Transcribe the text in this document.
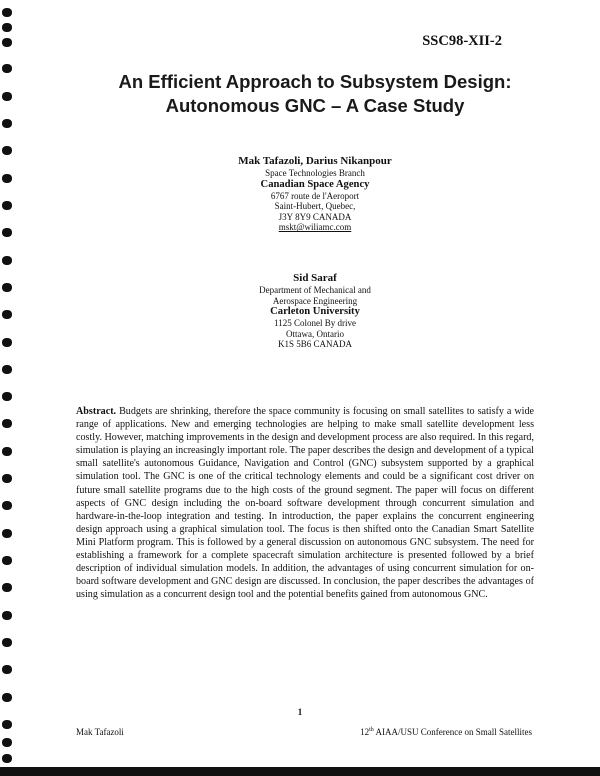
SSC98-XII-2
An Efficient Approach to Subsystem Design:
Autonomous GNC – A Case Study
Mak Tafazoli, Darius Nikanpour
Space Technologies Branch
Canadian Space Agency
6767 route de l'Aeroport
Saint-Hubert, Quebec,
J3Y 8Y9 CANADA
mskt@wiliamc.com
Sid Saraf
Department of Mechanical and
Aerospace Engineering
Carleton University
1125 Colonel By drive
Ottawa, Ontario
K1S 5B6 CANADA
Abstract. Budgets are shrinking, therefore the space community is focusing on small satellites to satisfy a wide range of applications. New and emerging technologies are helping to make small satellite development less costly. However, matching improvements in the design and development process are also required. In this regard, simulation is playing an increasingly important role. The paper describes the design and development of a typical small satellite's autonomous Guidance, Navigation and Control (GNC) subsystem supported by a graphical simulation tool. The GNC is one of the critical technology elements and could be a significant cost driver on future small satellite programs due to the high costs of the ground segment. The paper will focus on different aspects of GNC design including the on-board software development through concurrent simulation and hardware-in-the-loop integration and testing. In introduction, the paper explains the concurrent engineering design approach using a graphical simulation tool. The focus is then shifted onto the Canadian Smart Satellite Mini Platform program. This is followed by a general discussion on autonomous GNC subsystem. The need for establishing a framework for a complete spacecraft simulation architecture is presented followed by a brief description of individual simulation models. In addition, the advantages of using concurrent simulation for on-board software development and GNC design are discussed. In conclusion, the paper describes the advantages of using simulation as a concurrent design tool and the potential benefits gained from autonomous GNC.
1
Mak Tafazoli	12th AIAA/USU Conference on Small Satellites
